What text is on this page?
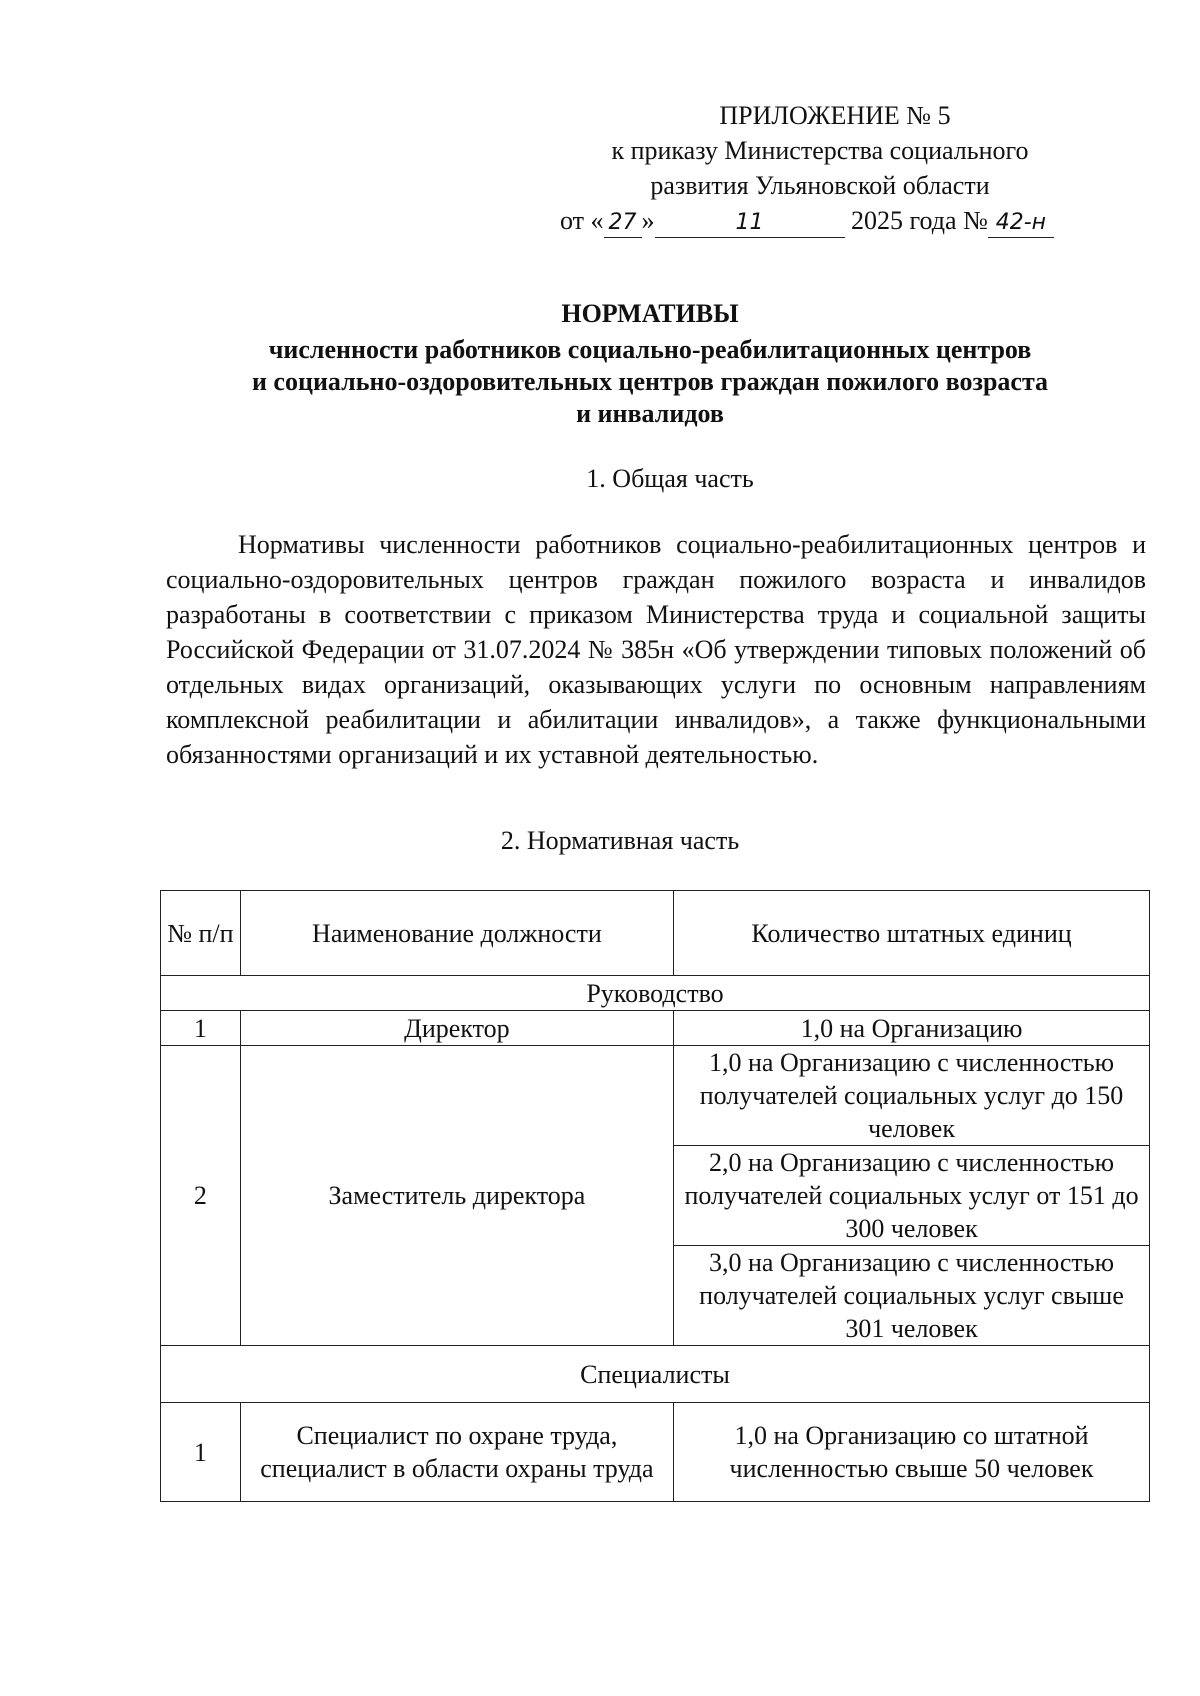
ПРИЛОЖЕНИЕ № 5
к приказу Министерства социального
развития Ульяновской области
от « 27 »	11	2025 года № 42-н
НОРМАТИВЫ
численности работников социально-реабилитационных центров
и социально-оздоровительных центров граждан пожилого возраста
и инвалидов
1. Общая часть
Нормативы численности работников социально-реабилитационных центров и социально-оздоровительных центров граждан пожилого возраста и инвалидов разработаны в соответствии с приказом Министерства труда и социальной защиты Российской Федерации от 31.07.2024 № 385н «Об утверждении типовых положений об отдельных видах организаций, оказывающих услуги по основным направлениям комплексной реабилитации и абилитации инвалидов», а также функциональными обязанностями организаций и их уставной деятельностью.
2. Нормативная часть
№ п/п	Наименование должности	Количество штатных единиц
Руководство		
1	Директор	1,0 на Организацию
2	Заместитель директора	1,0 на Организацию с численностью получателей социальных услуг до 150 человек
		2,0 на Организацию с численностью получателей социальных услуг от 151 до 300 человек
		3,0 на Организацию с численностью получателей социальных услуг свыше 301 человек
Специалисты		
1	Специалист по охране труда, специалист в области охраны труда	1,0 на Организацию со штатной численностью свыше 50 человек
